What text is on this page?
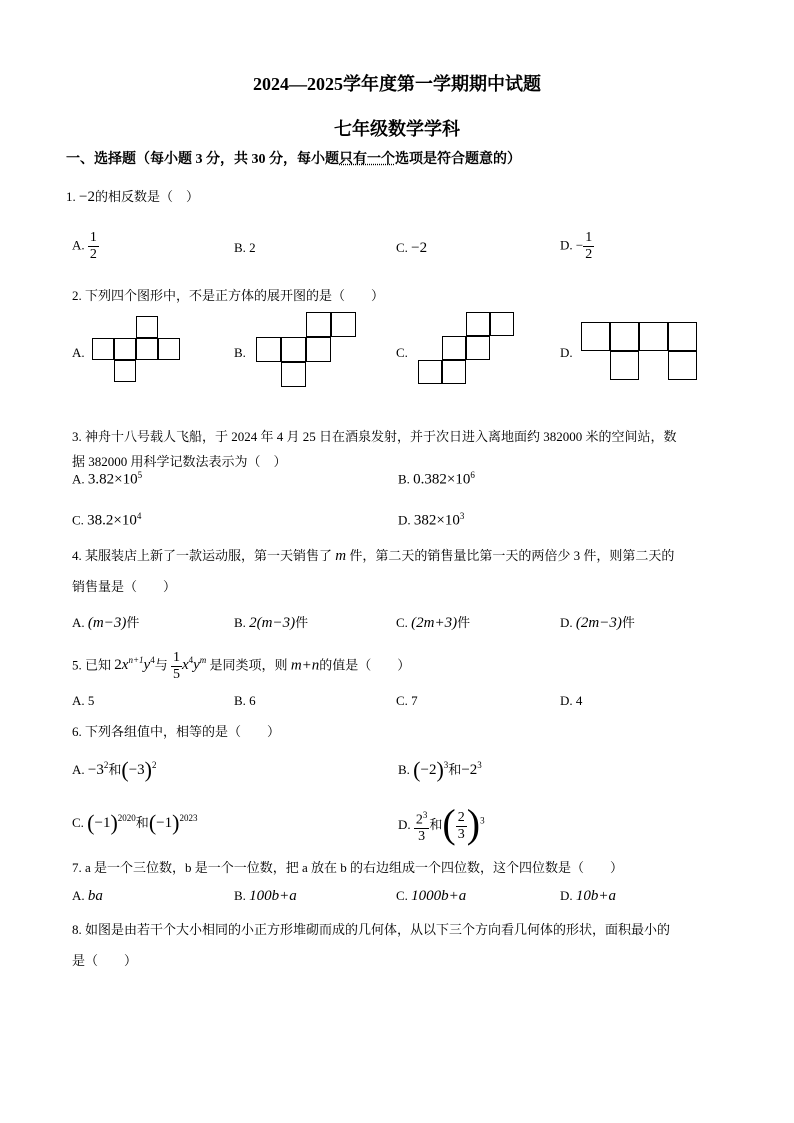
2024—2025学年度第一学期期中试题
七年级数学学科
一、选择题（每小题 3 分，共 30 分，每小题只有一个选项是符合题意的）
1. −2的相反数是（　）
A. $\frac{1}{2}$	B. 2	C. −2	D. − $\frac{1}{2}$
2. 下列四个图形中，不是正方体的展开图的是（　　）
A.	B.	C.	D.
3. 神舟十八号载人飞船，于 2024 年 4 月 25 日在酒泉发射，并于次日进入离地面约 382000 米的空间站，数
据 382000 用科学记数法表示为（　）
A. $3.82\times 10^5$	B. $0.382\times 10^6$
C. $38.2\times 10^4$	D. $382\times 10^3$
4. 某服装店上新了一款运动服，第一天销售了 m 件，第二天的销售量比第一天的两倍少 3 件，则第二天的
销售量是（　　）
A. (m−3)件	B. 2(m−3)件	C. (2m+3)件	D. (2m−3)件
5. 已知 $2x^{n+1}y^4$与 $\frac{1}{5} x^4y^m$ 是同类项，则 m+n的值是（　　）
A. 5	B. 6	C. 7	D. 4
6. 下列各组值中，相等的是（　　）
A. $-3^2$和$(-3)^2$	B. $(-2)^3$和$-2^3$
C. $(-1)^{2020}$和$(-1)^{2023}$	D. $\frac{2^3}{3}$ 和( $\frac{2}{3} )^3$
7. a 是一个三位数，b 是一个一位数，把 a 放在 b 的右边组成一个四位数，这个四位数是（　　）
A. ba	B. 100b+a	C. 1000b+a	D. 10b+a
8. 如图是由若干个大小相同的小正方形堆砌而成的几何体，从以下三个方向看几何体的形状，面积最小的
是（　　）
